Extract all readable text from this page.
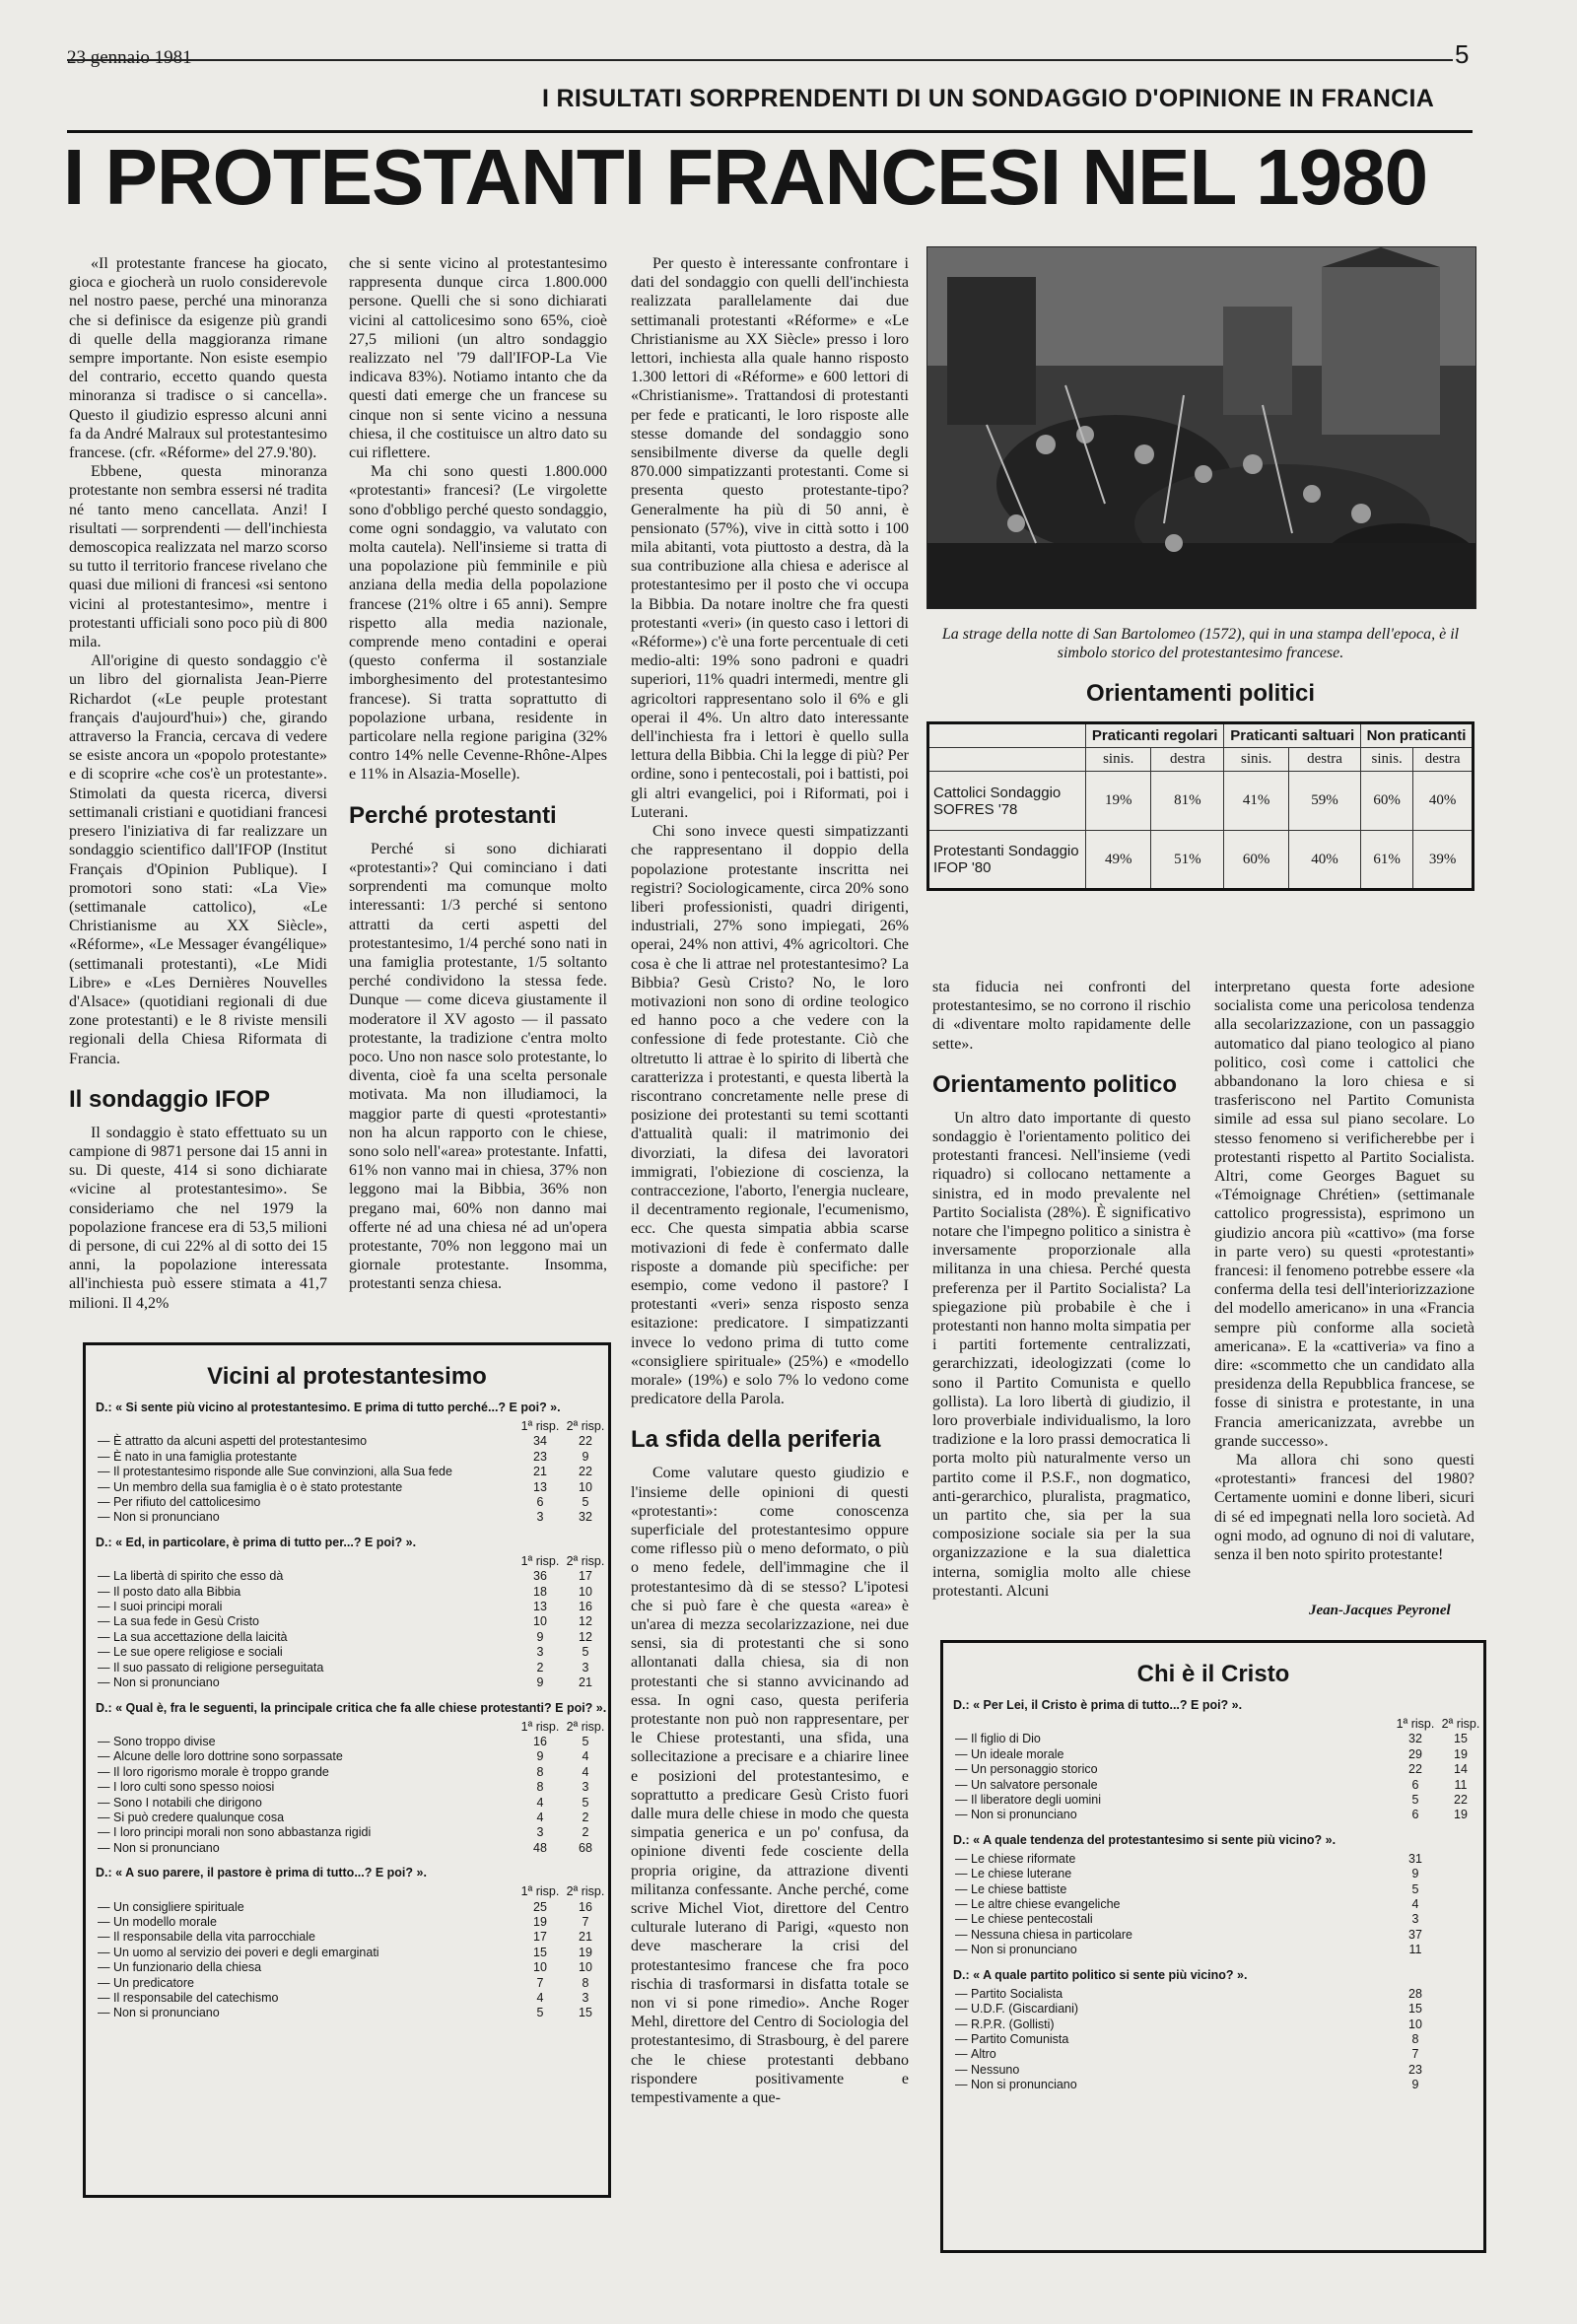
23 gennaio 1981	5
I RISULTATI SORPRENDENTI DI UN SONDAGGIO D'OPINIONE IN FRANCIA
I PROTESTANTI FRANCESI NEL 1980

«Il protestante francese ha giocato, gioca e giocherà un ruolo considerevole nel nostro paese, perché una minoranza che si definisce da esigenze più grandi di quelle della maggioranza rimane sempre importante. Non esiste esempio del contrario, eccetto quando questa minoranza si tradisce o si cancella». Questo il giudizio espresso alcuni anni fa da André Malraux sul protestantesimo francese. (cfr. «Réforme» del 27.9.'80).

Ebbene, questa minoranza protestante non sembra essersi né tradita né tanto meno cancellata. Anzi! I risultati — sorprendenti — dell'inchiesta demoscopica realizzata nel marzo scorso su tutto il territorio francese rivelano che quasi due milioni di francesi «si sentono vicini al protestantesimo», mentre i protestanti ufficiali sono poco più di 800 mila.

All'origine di questo sondaggio c'è un libro del giornalista Jean-Pierre Richardot («Le peuple protestant français d'aujourd'hui») che, girando attraverso la Francia, cercava di vedere se esiste ancora un «popolo protestante» e di scoprire «che cos'è un protestante». Stimolati da questa ricerca, diversi settimanali cristiani e quotidiani francesi presero l'iniziativa di far realizzare un sondaggio scientifico dall'IFOP (Institut Français d'Opinion Publique). I promotori sono stati: «La Vie» (settimanale cattolico), «Le Christianisme au XX Siècle», «Réforme», «Le Messager évangélique» (settimanali protestanti), «Le Midi Libre» e «Les Dernières Nouvelles d'Alsace» (quotidiani regionali di due zone protestanti) e le 8 riviste mensili regionali della Chiesa Riformata di Francia.

Il sondaggio IFOP

Il sondaggio è stato effettuato su un campione di 9871 persone dai 15 anni in su. Di queste, 414 si sono dichiarate «vicine al protestantesimo». Se consideriamo che nel 1979 la popolazione francese era di 53,5 milioni di persone, di cui 22% al di sotto dei 15 anni, la popolazione interessata all'inchiesta può essere stimata a 41,7 milioni. Il 4,2%

che si sente vicino al protestantesimo rappresenta dunque circa 1.800.000 persone. Quelli che si sono dichiarati vicini al cattolicesimo sono 65%, cioè 27,5 milioni (un altro sondaggio realizzato nel '79 dall'IFOP-La Vie indicava 83%). Notiamo intanto che da questi dati emerge che un francese su cinque non si sente vicino a nessuna chiesa, il che costituisce un altro dato su cui riflettere.

Ma chi sono questi 1.800.000 «protestanti» francesi? (Le virgolette sono d'obbligo perché questo sondaggio, come ogni sondaggio, va valutato con molta cautela). Nell'insieme si tratta di una popolazione più femminile e più anziana della media della popolazione francese (21% oltre i 65 anni). Sempre rispetto alla media nazionale, comprende meno contadini e operai (questo conferma il sostanziale imborghesimento del protestantesimo francese). Si tratta soprattutto di popolazione urbana, residente in particolare nella regione parigina (32% contro 14% nelle Cevenne-Rhône-Alpes e 11% in Alsazia-Moselle).

Perché protestanti

Perché si sono dichiarati «protestanti»? Qui cominciano i dati sorprendenti ma comunque molto interessanti: 1/3 perché si sentono attratti da certi aspetti del protestantesimo, 1/4 perché sono nati in una famiglia protestante, 1/5 soltanto perché condividono la stessa fede. Dunque — come diceva giustamente il moderatore il XV agosto — il passato protestante, la tradizione c'entra molto poco. Uno non nasce solo protestante, lo diventa, cioè fa una scelta personale motivata. Ma non illudiamoci, la maggior parte di questi «protestanti» non ha alcun rapporto con le chiese, sono solo nell'«area» protestante. Infatti, 61% non vanno mai in chiesa, 37% non leggono mai la Bibbia, 36% non pregano mai, 60% non danno mai offerte né ad una chiesa né ad un'opera protestante, 70% non leggono mai un giornale protestante. Insomma, protestanti senza chiesa.

Per questo è interessante confrontare i dati del sondaggio con quelli dell'inchiesta realizzata parallelamente dai due settimanali protestanti «Réforme» e «Le Christianisme au XX Siècle» presso i loro lettori, inchiesta alla quale hanno risposto 1.300 lettori di «Réforme» e 600 lettori di «Christianisme». Trattandosi di protestanti per fede e praticanti, le loro risposte alle stesse domande del sondaggio sono sensibilmente diverse da quelle degli 870.000 simpatizzanti protestanti. Come si presenta questo protestante-tipo? Generalmente ha più di 50 anni, è pensionato (57%), vive in città sotto i 100 mila abitanti, vota piuttosto a destra, dà la sua contribuzione alla chiesa e aderisce al protestantesimo per il posto che vi occupa la Bibbia. Da notare inoltre che fra questi protestanti «veri» (in questo caso i lettori di «Réforme») c'è una forte percentuale di ceti medio-alti: 19% sono padroni e quadri superiori, 11% quadri intermedi, mentre gli agricoltori rappresentano solo il 6% e gli operai il 4%. Un altro dato interessante dell'inchiesta fra i lettori è quello sulla lettura della Bibbia. Chi la legge di più? Per ordine, sono i pentecostali, poi i battisti, poi gli altri evangelici, poi i Riformati, poi i Luterani.

Chi sono invece questi simpatizzanti che rappresentano il doppio della popolazione protestante inscritta nei registri? Sociologicamente, circa 20% sono liberi professionisti, quadri dirigenti, industriali, 27% sono impiegati, 26% operai, 24% non attivi, 4% agricoltori. Che cosa è che li attrae nel protestantesimo? La Bibbia? Gesù Cristo? No, le loro motivazioni non sono di ordine teologico ed hanno poco a che vedere con la confessione di fede protestante. Ciò che oltretutto li attrae è lo spirito di libertà che caratterizza i protestanti, e questa libertà la riscontrano concretamente nelle prese di posizione dei protestanti su temi scottanti d'attualità quali: il matrimonio dei divorziati, la difesa dei lavoratori immigrati, l'obiezione di coscienza, la contraccezione, l'aborto, l'energia nucleare, il decentramento regionale, l'ecumenismo, ecc. Che questa simpatia abbia scarse motivazioni di fede è confermato dalle risposte a domande più specifiche: per esempio, come vedono il pastore? I protestanti «veri» senza risposto senza esitazione: predicatore. I simpatizzanti invece lo vedono prima di tutto come «consigliere spirituale» (25%) e «modello morale» (19%) e solo 7% lo vedono come predicatore della Parola.

La sfida della periferia

Come valutare questo giudizio e l'insieme delle opinioni di questi «protestanti»: come conoscenza superficiale del protestantesimo oppure come riflesso più o meno deformato, o più o meno fedele, dell'immagine che il protestantesimo dà di se stesso? L'ipotesi che si può fare è che questa «area» è un'area di mezza secolarizzazione, nei due sensi, sia di protestanti che si sono allontanati dalla chiesa, sia di non protestanti che si stanno avvicinando ad essa. In ogni caso, questa periferia protestante non può non rappresentare, per le Chiese protestanti, una sfida, una sollecitazione a precisare e a chiarire linee e posizioni del protestantesimo, e soprattutto a predicare Gesù Cristo fuori dalle mura delle chiese in modo che questa simpatia generica e un po' confusa, da opinione diventi fede cosciente della propria origine, da attrazione diventi militanza confessante. Anche perché, come scrive Michel Viot, direttore del Centro culturale luterano di Parigi, «questo non deve mascherare la crisi del protestantesimo francese che fra poco rischia di trasformarsi in disfatta totale se non vi si pone rimedio». Anche Roger Mehl, direttore del Centro di Sociologia del protestantesimo, di Strasbourg, è del parere che le chiese protestanti debbano rispondere positivamente e tempestivamente a que-

La strage della notte di San Bartolomeo (1572), qui in una stampa dell'epoca, è il simbolo storico del protestantesimo francese.
Orientamenti politici
	Praticanti regolari		Praticanti saltuari		Non praticanti	
	sinis.	destra	sinis.	destra	sinis.	destra
Cattolici Sondaggio SOFRES '78	19%	81%	41%	59%	60%	40%
Protestanti Sondaggio IFOP '80	49%	51%	60%	40%	61%	39%

sta fiducia nei confronti del protestantesimo, se no corrono il rischio di «diventare molto rapidamente delle sette».

Orientamento politico

Un altro dato importante di questo sondaggio è l'orientamento politico dei protestanti francesi. Nell'insieme (vedi riquadro) si collocano nettamente a sinistra, ed in modo prevalente nel Partito Socialista (28%). È significativo notare che l'impegno politico a sinistra è inversamente proporzionale alla militanza in una chiesa. Perché questa preferenza per il Partito Socialista? La spiegazione più probabile è che i protestanti non hanno molta simpatia per i partiti fortemente centralizzati, gerarchizzati, ideologizzati (come lo sono il Partito Comunista e quello gollista). La loro libertà di giudizio, il loro proverbiale individualismo, la loro tradizione e la loro prassi democratica li porta molto più naturalmente verso un partito come il P.S.F., non dogmatico, anti-gerarchico, pluralista, pragmatico, un partito che, sia per la sua composizione sociale sia per la sua organizzazione e la sua dialettica interna, somiglia molto alle chiese protestanti. Alcuni

interpretano questa forte adesione socialista come una pericolosa tendenza alla secolarizzazione, con un passaggio automatico dal piano teologico al piano politico, così come i cattolici che abbandonano la loro chiesa e si trasferiscono nel Partito Comunista simile ad essa sul piano secolare. Lo stesso fenomeno si verificherebbe per i protestanti rispetto al Partito Socialista. Altri, come Georges Baguet su «Témoignage Chrétien» (settimanale cattolico progressista), esprimono un giudizio ancora più «cattivo» (ma forse in parte vero) su questi «protestanti» francesi: il fenomeno potrebbe essere «la conferma della tesi dell'interiorizzazione del modello americano» in una «Francia sempre più conforme alla società americana». E la «cattiveria» va fino a dire: «scommetto che un candidato alla presidenza della Repubblica francese, se fosse di sinistra e protestante, in una Francia americanizzata, avrebbe un grande successo».

Ma allora chi sono questi «protestanti» francesi del 1980? Certamente uomini e donne liberi, sicuri di sé ed impegnati nella loro società. Ad ogni modo, ad ognuno di noi di valutare, senza il ben noto spirito protestante!

Jean-Jacques Peyronel
Vicini al protestantesimo
D.: « Si sente più vicino al protestantesimo. E prima di tutto perché...? E poi? ».
1ª risp. 2ª risp.
— È attratto da alcuni aspetti del protestantesimo	34	22
— È nato in una famiglia protestante	23	9
— Il protestantesimo risponde alle Sue convinzioni, alla Sua fede	21	22
— Un membro della sua famiglia è o è stato protestante	13	10
— Per rifiuto del cattolicesimo	6	5
— Non si pronunciano	3	32
D.: « Ed, in particolare, è prima di tutto per...? E poi? ».
1ª risp. 2ª risp.
— La libertà di spirito che esso dà	36	17
— Il posto dato alla Bibbia	18	10
— I suoi principi morali	13	16
— La sua fede in Gesù Cristo	10	12
— La sua accettazione della laicità	9	12
— Le sue opere religiose e sociali	3	5
— Il suo passato di religione perseguitata	2	3
— Non si pronunciano	9	21
D.: « Qual è, fra le seguenti, la principale critica che fa alle chiese protestanti? E poi? ».
1ª risp. 2ª risp.
— Sono troppo divise	16	5
— Alcune delle loro dottrine sono sorpassate	9	4
— Il loro rigorismo morale è troppo grande	8	4
— I loro culti sono spesso noiosi	8	3
— Sono I notabili che dirigono	4	5
— Si può credere qualunque cosa	4	2
— I loro principi morali non sono abbastanza rigidi	3	2
— Non si pronunciano	48	68
D.: « A suo parere, il pastore è prima di tutto...? E poi? ».
1ª risp. 2ª risp.
— Un consigliere spirituale	25	16
— Un modello morale	19	7
— Il responsabile della vita parrocchiale	17	21
— Un uomo al servizio dei poveri e degli emarginati	15	19
— Un funzionario della chiesa	10	10
— Un predicatore	7	8
— Il responsabile del catechismo	4	3
— Non si pronunciano	5	15
Chi è il Cristo
D.: « Per Lei, il Cristo è prima di tutto...? E poi? ».
1ª risp. 2ª risp.
— Il figlio di Dio	32	15
— Un ideale morale	29	19
— Un personaggio storico	22	14
— Un salvatore personale	6	11
— Il liberatore degli uomini	5	22
— Non si pronunciano	6	19
D.: « A quale tendenza del protestantesimo si sente più vicino? ».
— Le chiese riformate	31
— Le chiese luterane	9
— Le chiese battiste	5
— Le altre chiese evangeliche	4
— Le chiese pentecostali	3
— Nessuna chiesa in particolare	37
— Non si pronunciano	11
D.: « A quale partito politico si sente più vicino? ».
— Partito Socialista	28
— U.D.F. (Giscardiani)	15
— R.P.R. (Gollisti)	10
— Partito Comunista	8
— Altro	7
— Nessuno	23
— Non si pronunciano	9
